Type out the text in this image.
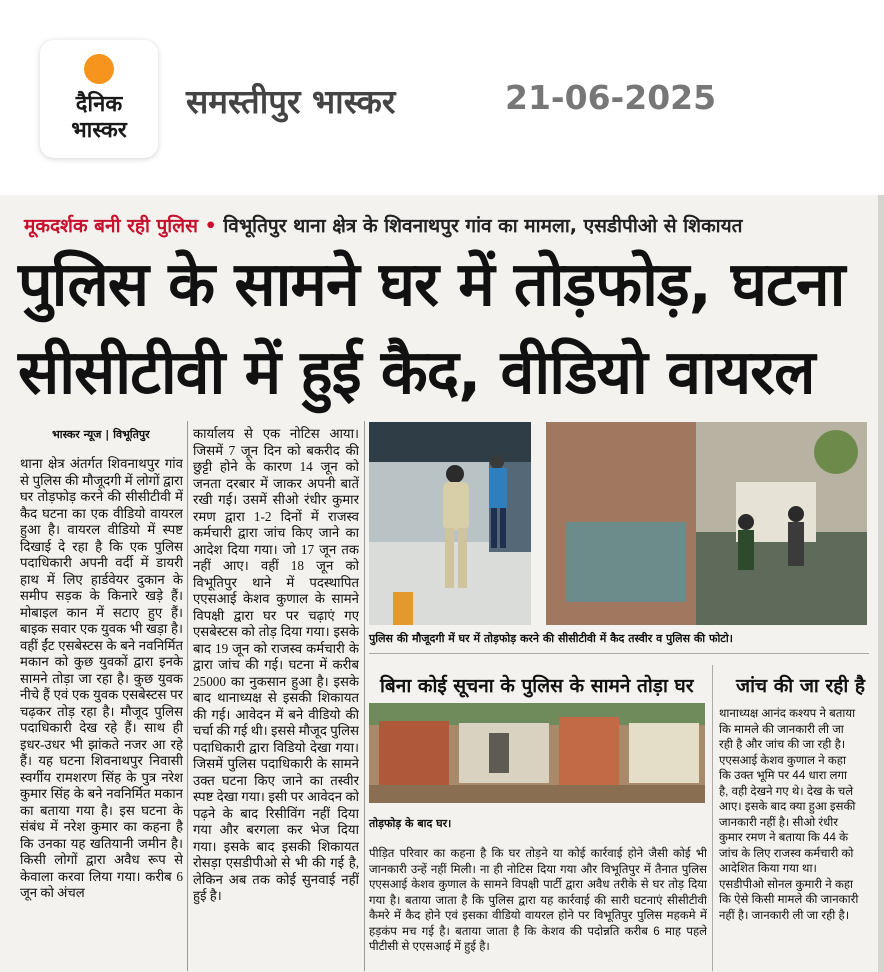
दैनिक
भास्कर
समस्तीपुर भास्कर	21-06-2025
मूकदर्शक बनी रही पुलिस • विभूतिपुर थाना क्षेत्र के शिवनाथपुर गांव का मामला, एसडीपीओ से शिकायत
पुलिस के सामने घर में तोड़फोड़, घटना
सीसीटीवी में हुई कैद, वीडियो वायरल
भास्कर न्यूज | विभूतिपुर
थाना क्षेत्र अंतर्गत शिवनाथपुर गांव से पुलिस की मौजूदगी में लोगों द्वारा घर तोड़फोड़ करने की सीसीटीवी में कैद घटना का एक वीडियो वायरल हुआ है। वायरल वीडियो में स्पष्ट दिखाई दे रहा है कि एक पुलिस पदाधिकारी अपनी वर्दी में डायरी हाथ में लिए हार्डवेयर दुकान के समीप सड़क के किनारे खड़े हैं। मोबाइल कान में सटाए हुए हैं। बाइक सवार एक युवक भी खड़ा है। वहीं ईंट एसबेस्टस के बने नवनिर्मित मकान को कुछ युवकों द्वारा इनके सामने तोड़ा जा रहा है। कुछ युवक नीचे हैं एवं एक युवक एसबेस्टस पर चढ़कर तोड़ रहा है। मौजूद पुलिस पदाधिकारी देख रहे हैं। साथ ही इधर-उधर भी झांकते नजर आ रहे हैं। यह घटना शिवनाथपुर निवासी स्वर्गीय रामशरण सिंह के पुत्र नरेश कुमार सिंह के बने नवनिर्मित मकान का बताया गया है। इस घटना के संबंध में नरेश कुमार का कहना है कि उनका यह खतियानी जमीन है। किसी लोगों द्वारा अवैध रूप से केवाला करवा लिया गया। करीब 6 जून को अंचल
कार्यालय से एक नोटिस आया। जिसमें 7 जून दिन को बकरीद की छुट्टी होने के कारण 14 जून को जनता दरबार में जाकर अपनी बातें रखी गई। उसमें सीओ रंधीर कुमार रमण द्वारा 1-2 दिनों में राजस्व कर्मचारी द्वारा जांच किए जाने का आदेश दिया गया। जो 17 जून तक नहीं आए। वहीं 18 जून को विभूतिपुर थाने में पदस्थापित एएसआई केशव कुणाल के सामने विपक्षी द्वारा घर पर चढ़ाएं गए एसबेस्टस को तोड़ दिया गया। इसके बाद 19 जून को राजस्व कर्मचारी के द्वारा जांच की गई। घटना में करीब 25000 का नुकसान हुआ है। इसके बाद थानाध्यक्ष से इसकी शिकायत की गई। आवेदन में बने वीडियो की चर्चा की गई थी। इससे मौजूद पुलिस पदाधिकारी द्वारा विडियो देखा गया। जिसमें पुलिस पदाधिकारी के सामने उक्त घटना किए जाने का तस्वीर स्पष्ट देखा गया। इसी पर आवेदन को पढ़ने के बाद रिसीविंग नहीं दिया गया और बरगला कर भेज दिया गया। इसके बाद इसकी शिकायत रोसड़ा एसडीपीओ से भी की गई है, लेकिन अब तक कोई सुनवाई नहीं हुई है।
पुलिस की मौजूदगी में घर में तोड़फोड़ करने की सीसीटीवी में कैद तस्वीर व पुलिस की फोटो।
बिना कोई सूचना के पुलिस के सामने तोड़ा घर जांच की जा रही है
तोड़फोड़ के बाद घर।
पीड़ित परिवार का कहना है कि घर तोड़ने या कोई कार्रवाई होने जैसी कोई भी जानकारी उन्हें नहीं मिली। ना ही नोटिस दिया गया और विभूतिपुर में तैनात पुलिस एएसआई केशव कुणाल के सामने विपक्षी पार्टी द्वारा अवैध तरीके से घर तोड़ दिया गया है। बताया जाता है कि पुलिस द्वारा यह कार्रवाई की सारी घटनाएं सीसीटीवी कैमरे में कैद होने एवं इसका वीडियो वायरल होने पर विभूतिपुर पुलिस महकमे में हड़कंप मच गई है। बताया जाता है कि केशव की पदोन्नति करीब 6 माह पहले पीटीसी से एएसआई में हुई है।
थानाध्यक्ष आनंद कश्यप ने बताया कि मामले की जानकारी ली जा रही है और जांच की जा रही है। एएसआई केशव कुणाल ने कहा कि उक्त भूमि पर 44 धारा लगा है, वही देखने गए थे। देख के चले आए। इसके बाद क्या हुआ इसकी जानकारी नहीं है। सीओ रंधीर कुमार रमण ने बताया कि 44 के जांच के लिए राजस्व कर्मचारी को आदेशित किया गया था। एसडीपीओ सोनल कुमारी ने कहा कि ऐसे किसी मामले की जानकारी नहीं है। जानकारी ली जा रही है।
